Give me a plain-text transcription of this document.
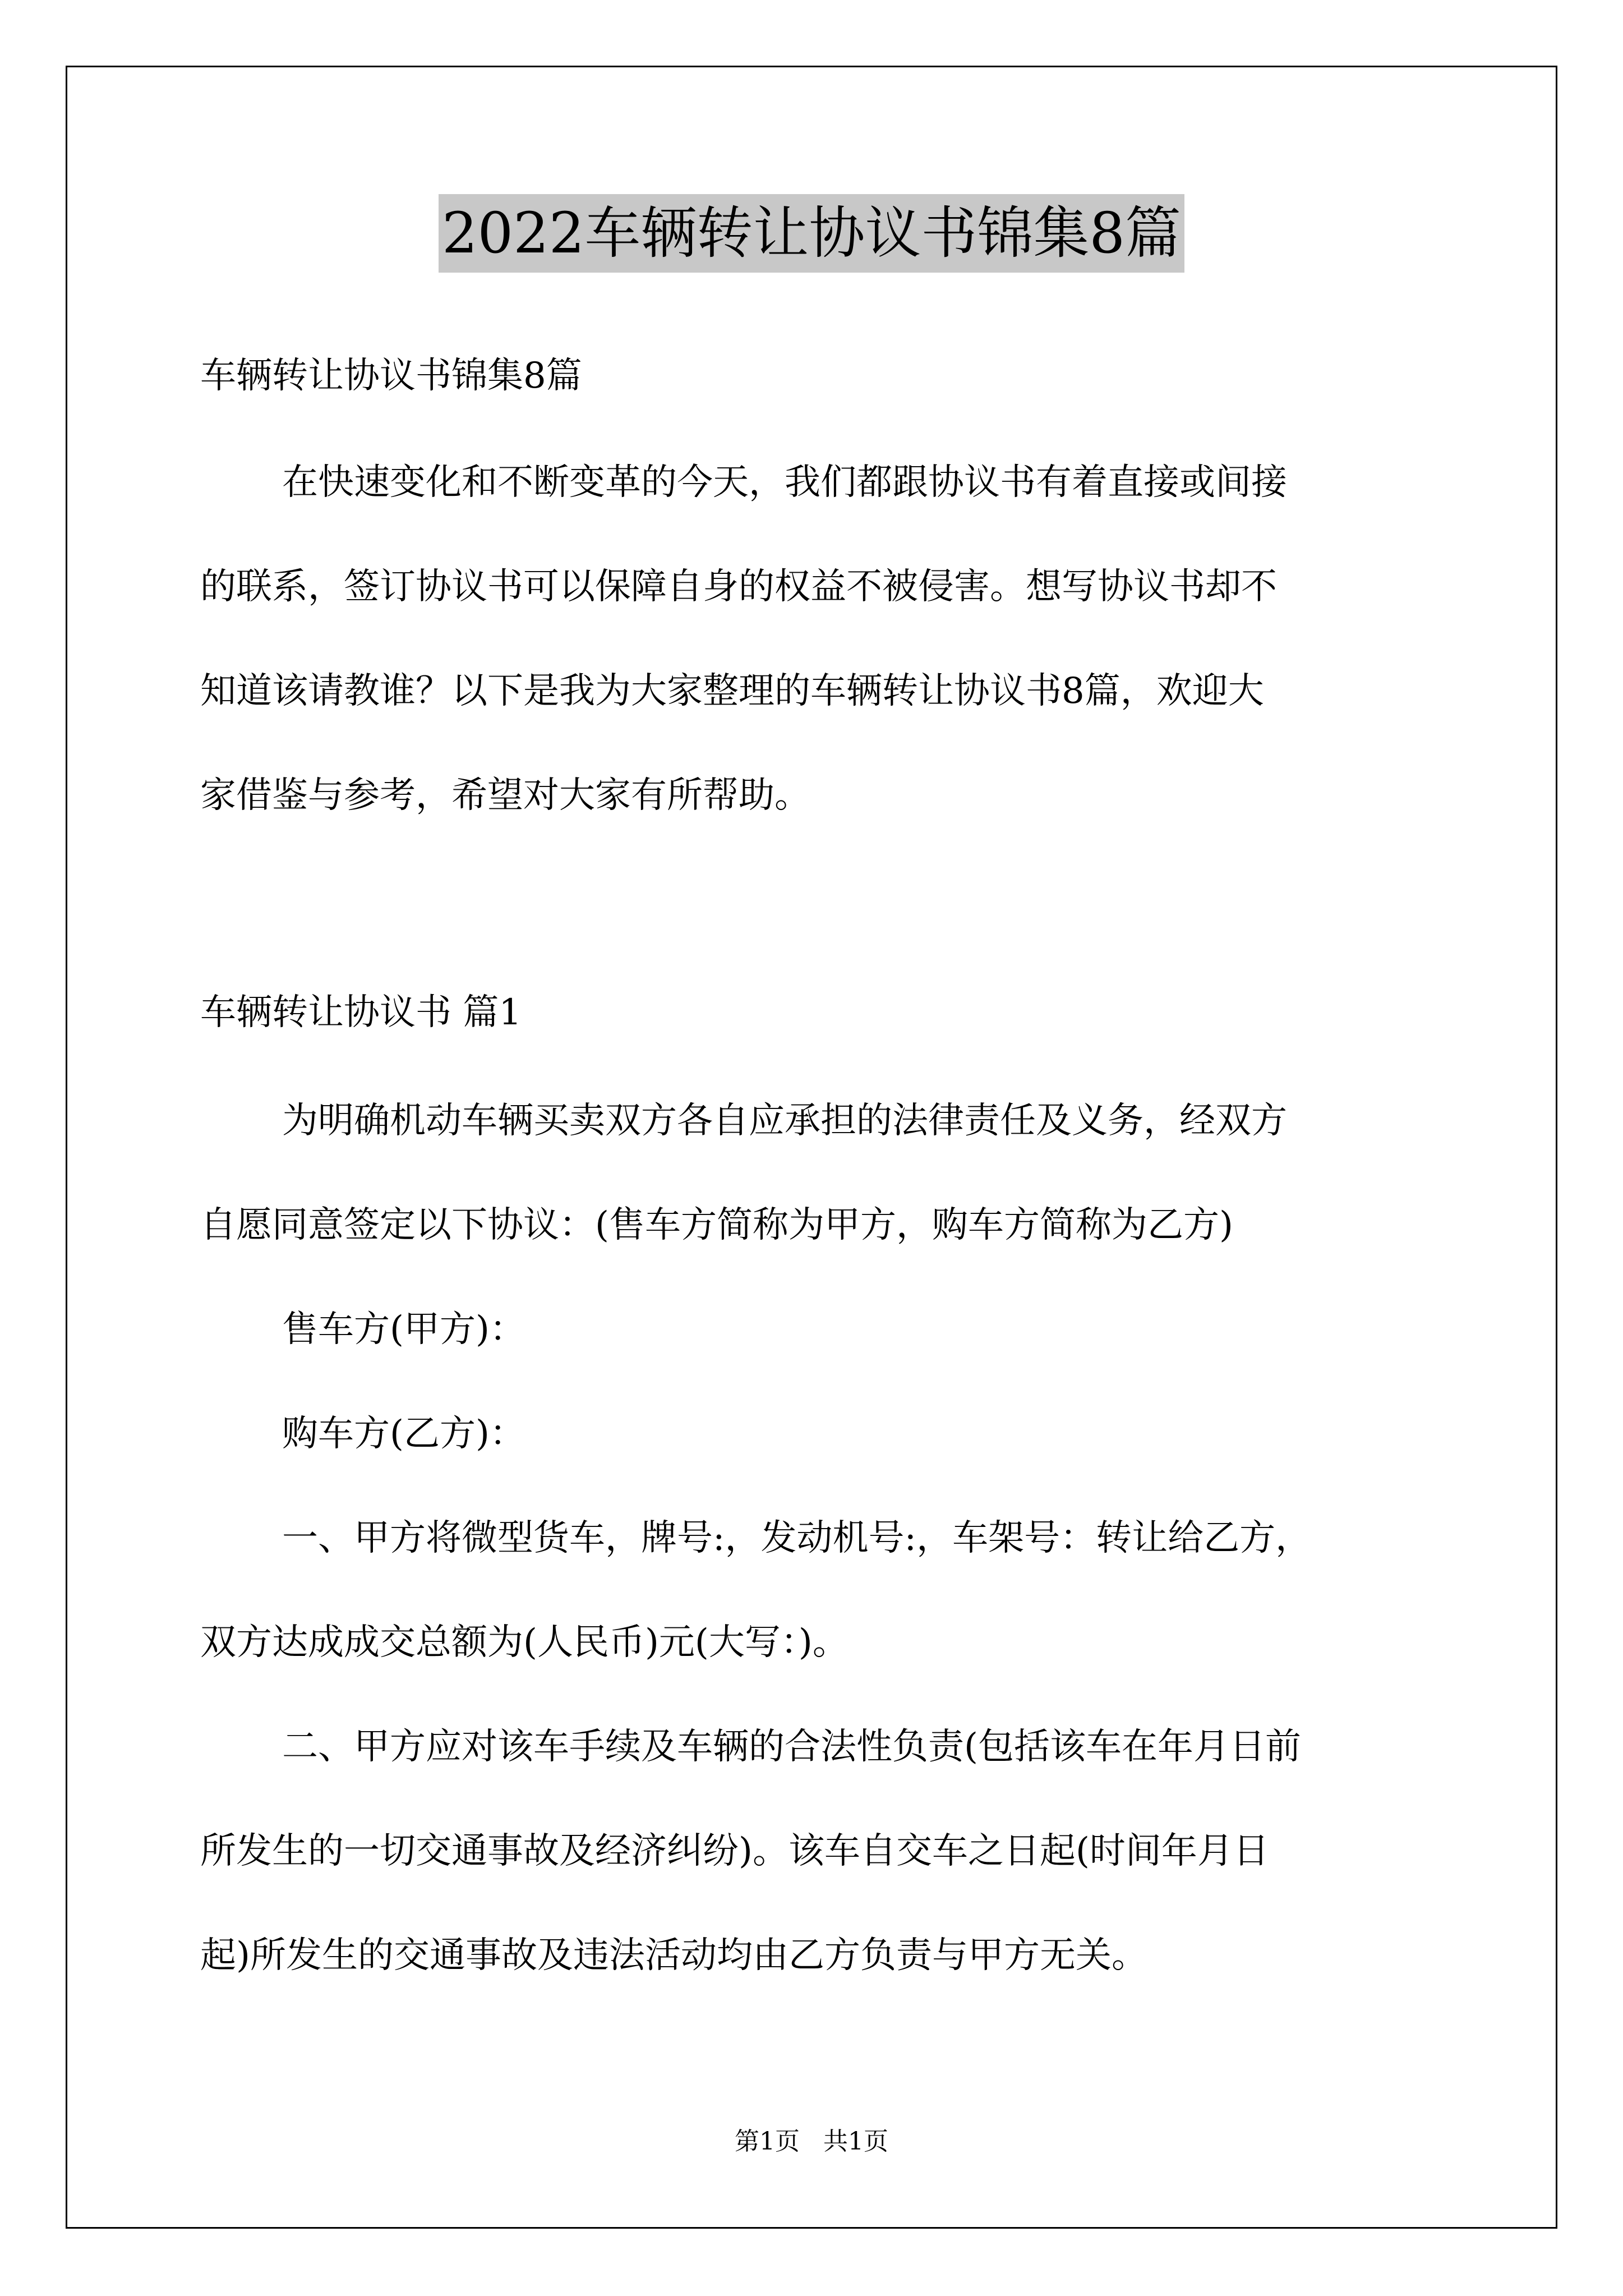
2022车辆转让协议书锦集8篇
车辆转让协议书锦集8篇
在快速变化和不断变革的今天，我们都跟协议书有着直接或间接
的联系，签订协议书可以保障自身的权益不被侵害。想写协议书却不
知道该请教谁？以下是我为大家整理的车辆转让协议书8篇，欢迎大
家借鉴与参考，希望对大家有所帮助。
车辆转让协议书 篇1
为明确机动车辆买卖双方各自应承担的法律责任及义务，经双方
自愿同意签定以下协议：(售车方简称为甲方，购车方简称为乙方)
售车方(甲方)：
购车方(乙方)：
一、甲方将微型货车，牌号:，发动机号:，车架号：转让给乙方，
双方达成成交总额为(人民币)元(大写：)。
二、甲方应对该车手续及车辆的合法性负责(包括该车在年月日前
所发生的一切交通事故及经济纠纷)。该车自交车之日起(时间年月日
起)所发生的交通事故及违法活动均由乙方负责与甲方无关。
第1页   共1页
